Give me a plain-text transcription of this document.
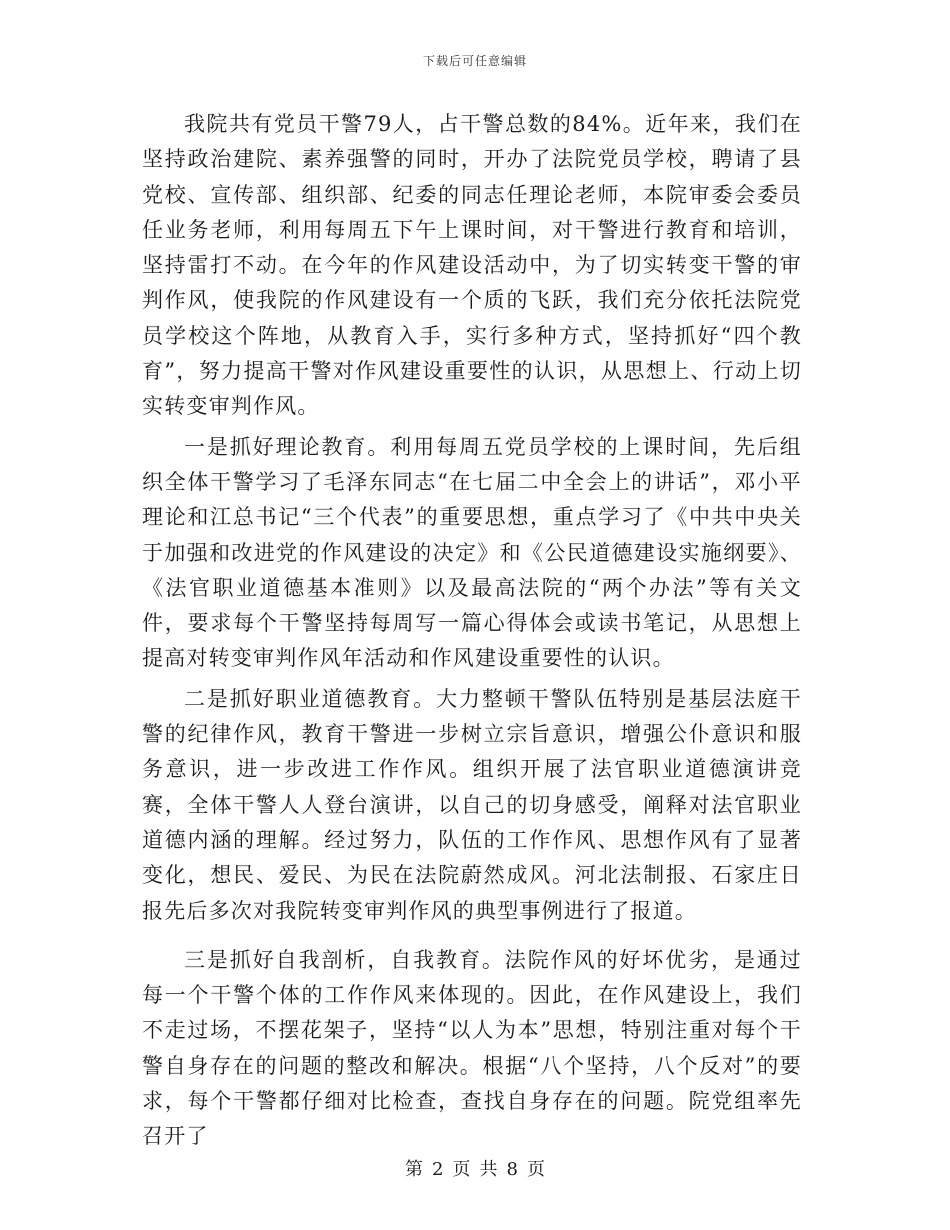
下载后可任意编辑

我院共有党员干警79人，占干警总数的84%。近年来，我们在坚持政治建院、素养强警的同时，开办了法院党员学校，聘请了县党校、宣传部、组织部、纪委的同志任理论老师，本院审委会委员任业务老师，利用每周五下午上课时间，对干警进行教育和培训，坚持雷打不动。在今年的作风建设活动中，为了切实转变干警的审判作风，使我院的作风建设有一个质的飞跃，我们充分依托法院党员学校这个阵地，从教育入手，实行多种方式，坚持抓好“四个教育”，努力提高干警对作风建设重要性的认识，从思想上、行动上切实转变审判作风。

一是抓好理论教育。利用每周五党员学校的上课时间，先后组织全体干警学习了毛泽东同志“在七届二中全会上的讲话”，邓小平理论和江总书记“三个代表”的重要思想，重点学习了《中共中央关于加强和改进党的作风建设的决定》和《公民道德建设实施纲要》、《法官职业道德基本准则》以及最高法院的“两个办法”等有关文件，要求每个干警坚持每周写一篇心得体会或读书笔记，从思想上提高对转变审判作风年活动和作风建设重要性的认识。

二是抓好职业道德教育。大力整顿干警队伍特别是基层法庭干警的纪律作风，教育干警进一步树立宗旨意识，增强公仆意识和服务意识，进一步改进工作作风。组织开展了法官职业道德演讲竞赛，全体干警人人登台演讲，以自己的切身感受，阐释对法官职业道德内涵的理解。经过努力，队伍的工作作风、思想作风有了显著变化，想民、爱民、为民在法院蔚然成风。河北法制报、石家庄日报先后多次对我院转变审判作风的典型事例进行了报道。

三是抓好自我剖析，自我教育。法院作风的好坏优劣，是通过每一个干警个体的工作作风来体现的。因此，在作风建设上，我们不走过场，不摆花架子，坚持“以人为本”思想，特别注重对每个干警自身存在的问题的整改和解决。根据“八个坚持，八个反对”的要求，每个干警都仔细对比检查，查找自身存在的问题。院党组率先召开了

第 2 页 共 8 页
